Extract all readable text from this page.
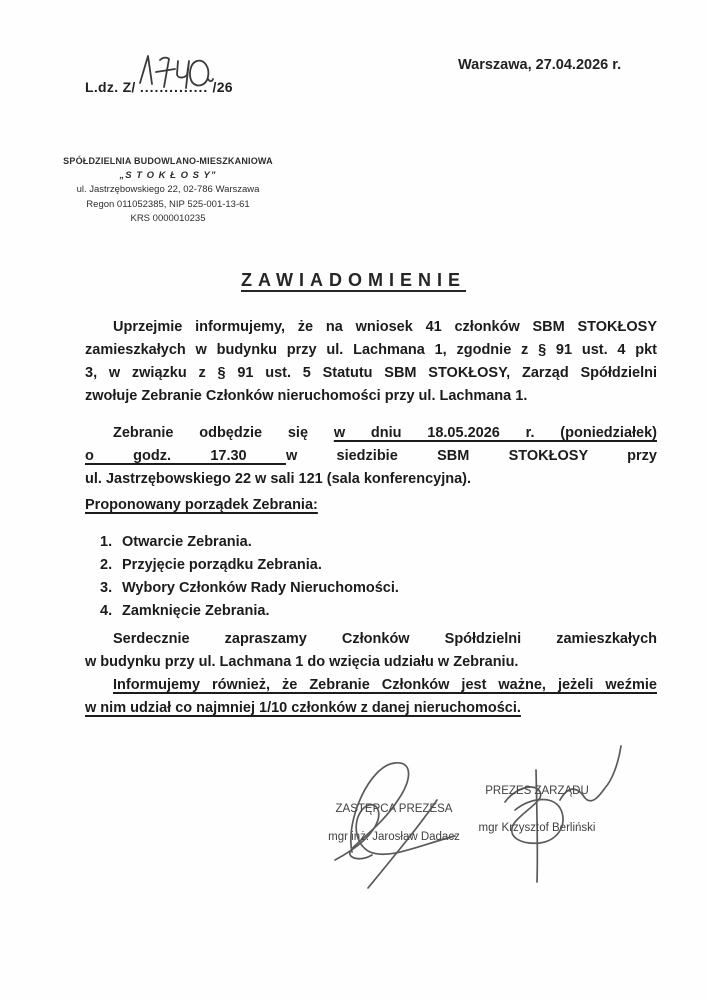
L.dz. Z/ .............. /26
Warszawa, 27.04.2026 r.
SPÓŁDZIELNIA BUDOWLANO-MIESZKANIOWA
„S T O K Ł O S Y”
ul. Jastrzębowskiego 22, 02-786 Warszawa
Regon 011052385, NIP 525-001-13-61
KRS 0000010235
ZAWIADOMIENIE
Uprzejmie informujemy, że na wniosek 41 członków SBM STOKŁOSY
zamieszkałych w budynku przy ul. Lachmana 1, zgodnie z § 91 ust. 4 pkt
3, w związku z § 91 ust. 5 Statutu SBM STOKŁOSY, Zarząd Spółdzielni
zwołuje Zebranie Członków nieruchomości przy ul. Lachmana 1.
Zebranie odbędzie się w dniu 18.05.2026 r. (poniedziałek)
o godz. 17.30 w siedzibie SBM STOKŁOSY przy
ul. Jastrzębowskiego 22 w sali 121 (sala konferencyjna).
Proponowany porządek Zebrania:
1. Otwarcie Zebrania.
2. Przyjęcie porządku Zebrania.
3. Wybory Członków Rady Nieruchomości.
4. Zamknięcie Zebrania.
Serdecznie zapraszamy Członków Spółdzielni zamieszkałych
w budynku przy ul. Lachmana 1 do wzięcia udziału w Zebraniu.
Informujemy również, że Zebranie Członków jest ważne, jeżeli weźmie
w nim udział co najmniej 1/10 członków z danej nieruchomości.
ZASTĘPCA PREZESA
mgr inż. Jarosław Dadacz
PREZES ZARZĄDU
mgr Krzysztof Berliński
